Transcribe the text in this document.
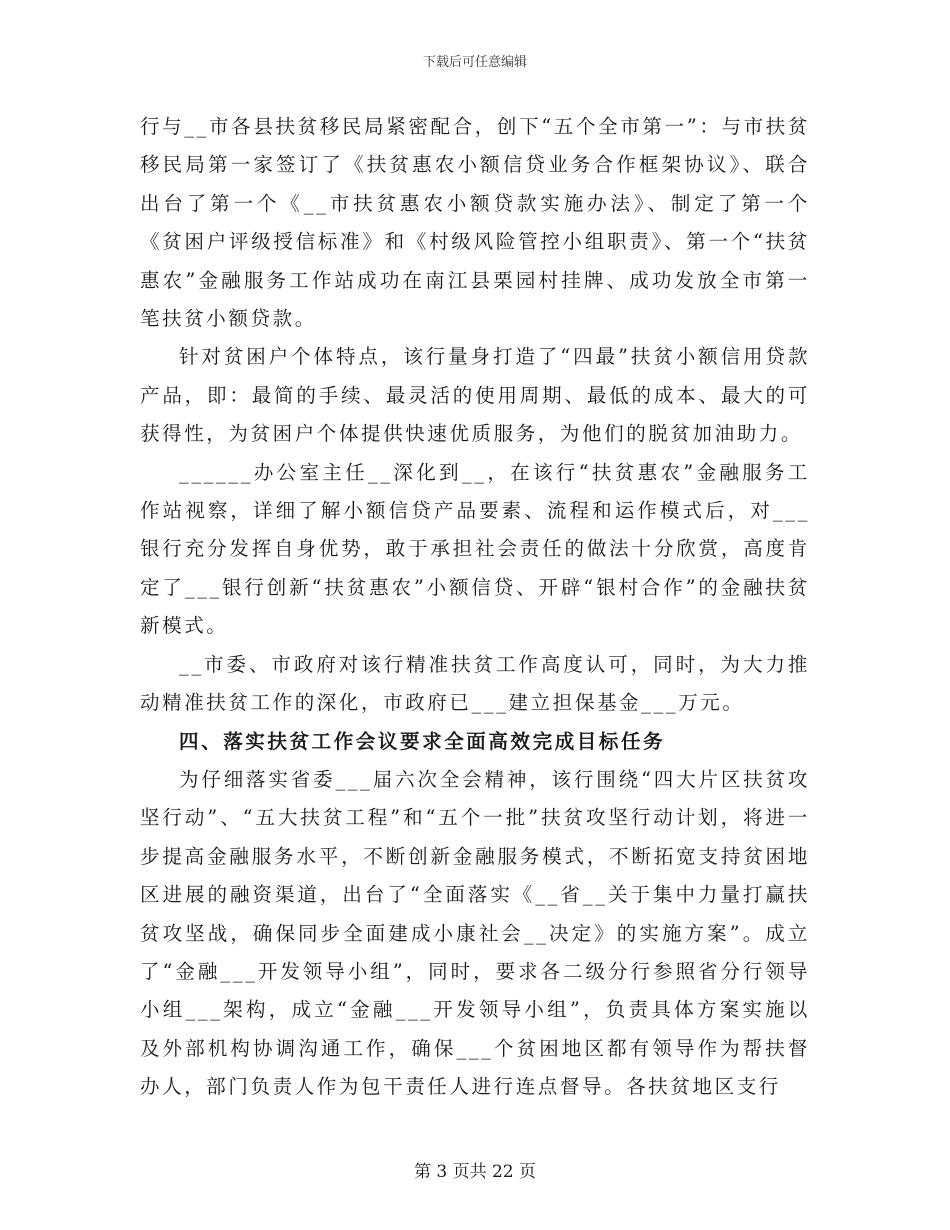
下载后可任意编辑

行与__市各县扶贫移民局紧密配合，创下“五个全市第一”：与市扶贫移民局第一家签订了《扶贫惠农小额信贷业务合作框架协议》、联合出台了第一个《__市扶贫惠农小额贷款实施办法》、制定了第一个《贫困户评级授信标准》和《村级风险管控小组职责》、第一个“扶贫惠农”金融服务工作站成功在南江县栗园村挂牌、成功发放全市第一笔扶贫小额贷款。

针对贫困户个体特点，该行量身打造了“四最”扶贫小额信用贷款产品，即：最简的手续、最灵活的使用周期、最低的成本、最大的可获得性，为贫困户个体提供快速优质服务，为他们的脱贫加油助力。

______办公室主任__深化到__，在该行“扶贫惠农”金融服务工作站视察，详细了解小额信贷产品要素、流程和运作模式后，对___银行充分发挥自身优势，敢于承担社会责任的做法十分欣赏，高度肯定了___银行创新“扶贫惠农”小额信贷、开辟“银村合作”的金融扶贫新模式。

__市委、市政府对该行精准扶贫工作高度认可，同时，为大力推动精准扶贫工作的深化，市政府已___建立担保基金___万元。

四、落实扶贫工作会议要求全面高效完成目标任务

为仔细落实省委___届六次全会精神，该行围绕“四大片区扶贫攻坚行动”、“五大扶贫工程”和“五个一批”扶贫攻坚行动计划，将进一步提高金融服务水平，不断创新金融服务模式，不断拓宽支持贫困地区进展的融资渠道，出台了“全面落实《__省__关于集中力量打赢扶贫攻坚战，确保同步全面建成小康社会__决定》的实施方案”。成立了“金融___开发领导小组”，同时，要求各二级分行参照省分行领导小组___架构，成立“金融___开发领导小组”，负责具体方案实施以及外部机构协调沟通工作，确保___个贫困地区都有领导作为帮扶督办人，部门负责人作为包干责任人进行连点督导。各扶贫地区支行

第 3 页共 22 页
